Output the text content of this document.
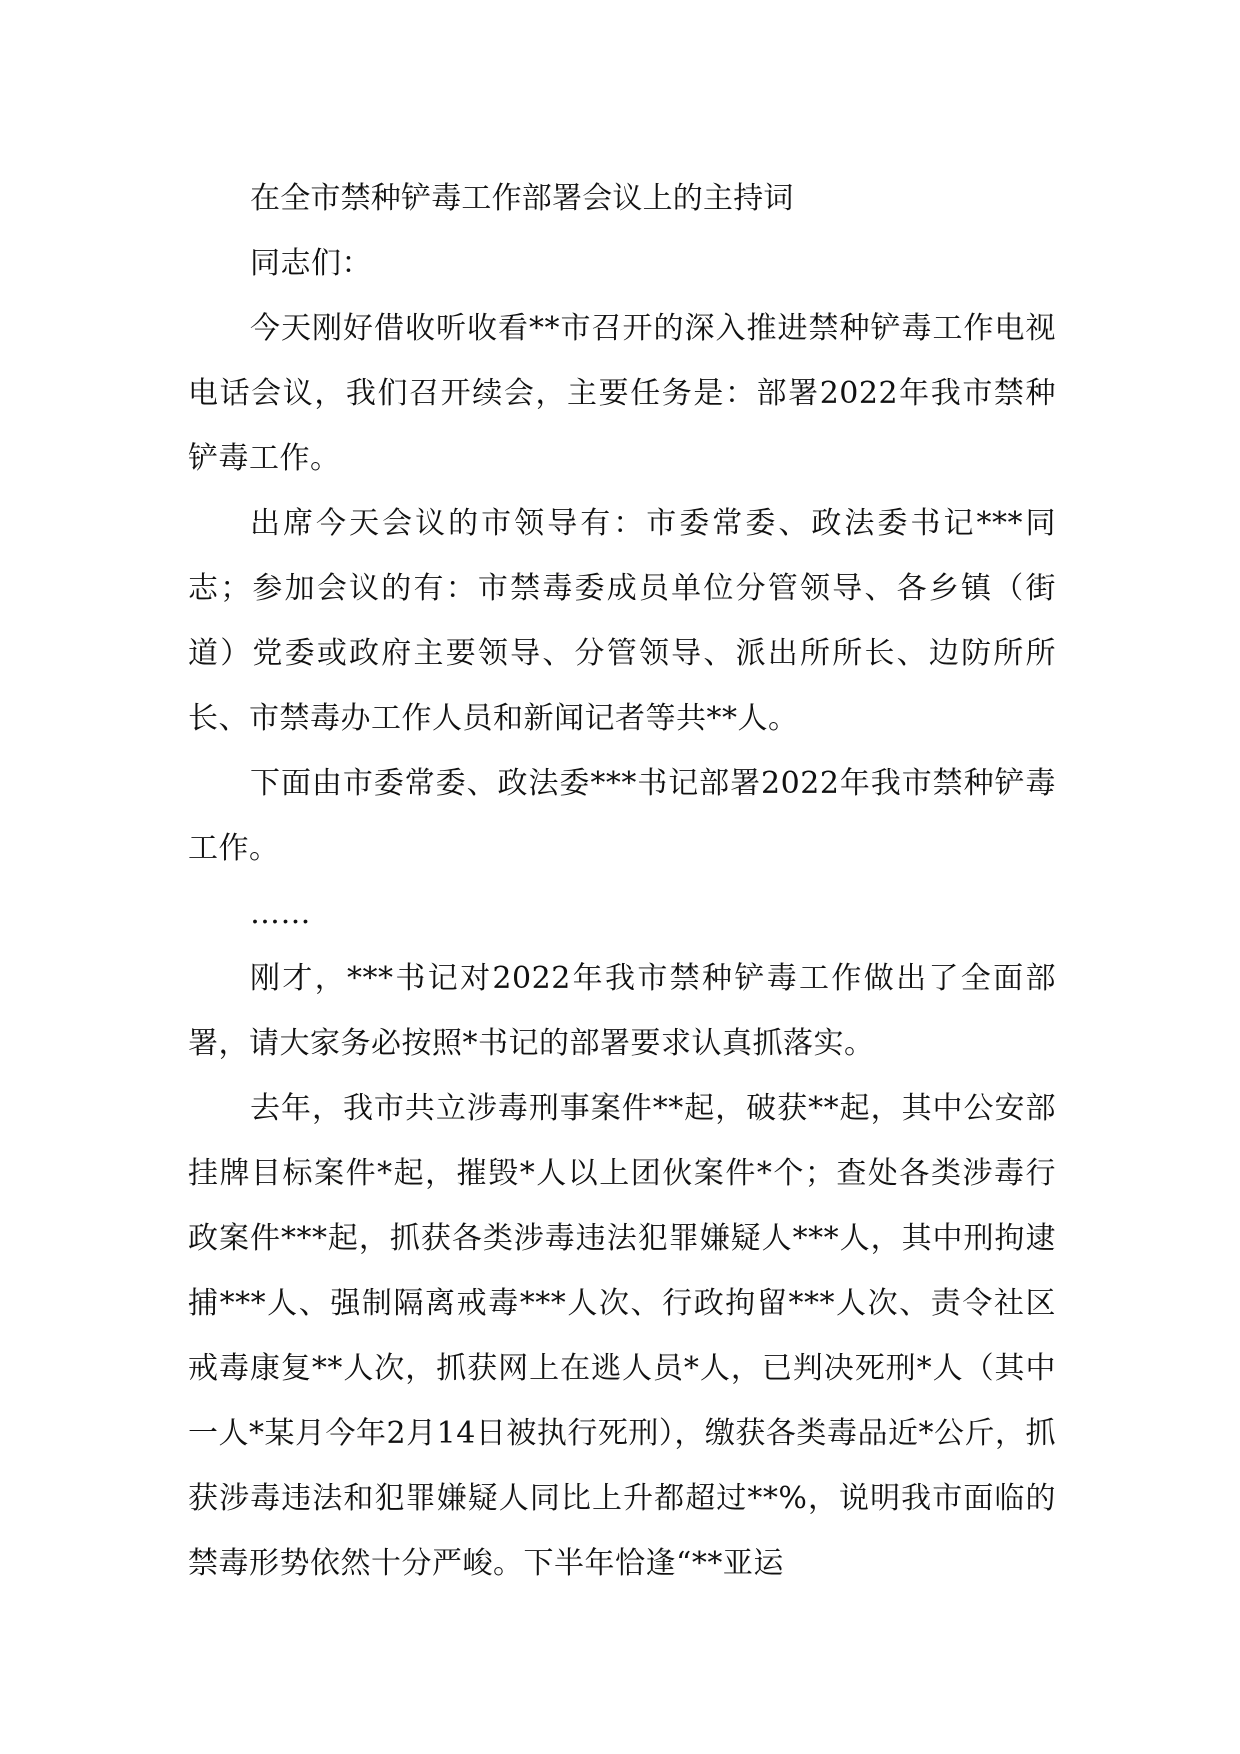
在全市禁种铲毒工作部署会议上的主持词

同志们：

今天刚好借收听收看**市召开的深入推进禁种铲毒工作电视电话会议，我们召开续会，主要任务是：部署2022年我市禁种铲毒工作。

出席今天会议的市领导有：市委常委、政法委书记***同志；参加会议的有：市禁毒委成员单位分管领导、各乡镇（街道）党委或政府主要领导、分管领导、派出所所长、边防所所长、市禁毒办工作人员和新闻记者等共**人。

下面由市委常委、政法委***书记部署2022年我市禁种铲毒工作。

……

刚才，***书记对2022年我市禁种铲毒工作做出了全面部署，请大家务必按照*书记的部署要求认真抓落实。

去年，我市共立涉毒刑事案件**起，破获**起，其中公安部挂牌目标案件*起，摧毁*人以上团伙案件*个；查处各类涉毒行政案件***起，抓获各类涉毒违法犯罪嫌疑人***人，其中刑拘逮捕***人、强制隔离戒毒***人次、行政拘留***人次、责令社区戒毒康复**人次，抓获网上在逃人员*人，已判决死刑*人（其中一人*某月今年2月14日被执行死刑），缴获各类毒品近*公斤，抓获涉毒违法和犯罪嫌疑人同比上升都超过**%，说明我市面临的禁毒形势依然十分严峻。下半年恰逢“**亚运
